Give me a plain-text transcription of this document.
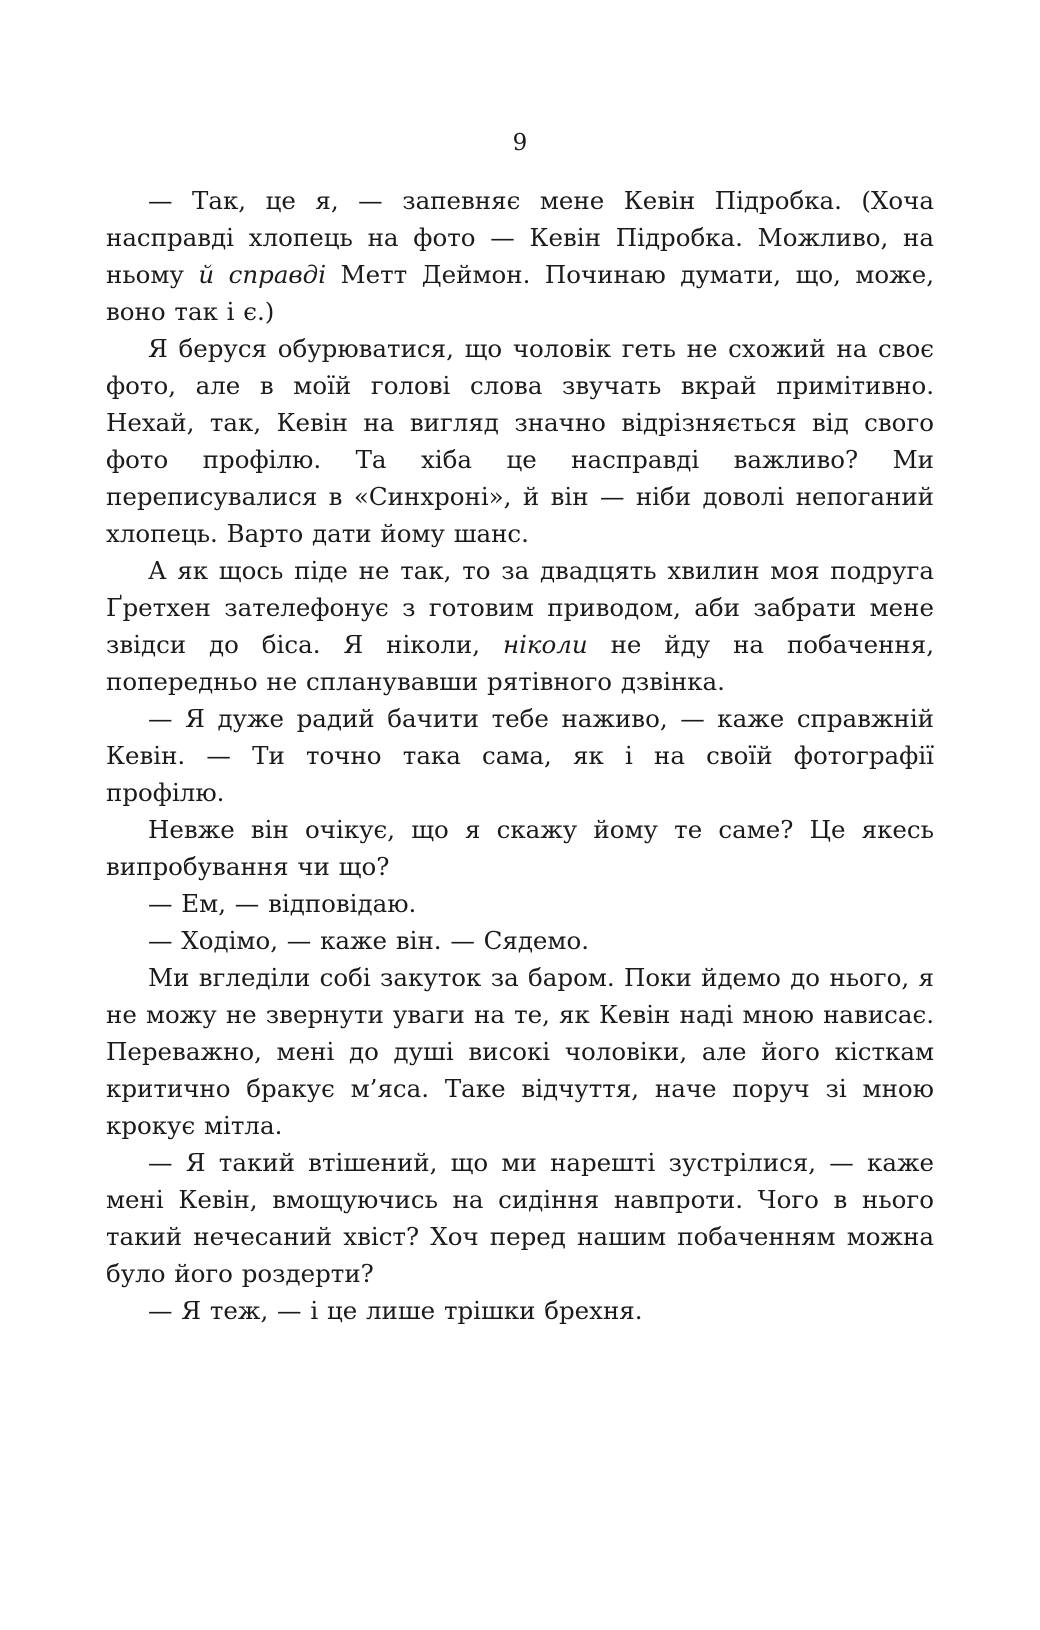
9

— Так, це я, — запевняє мене Кевін Підробка. (Хоча насправді хлопець на фото — Кевін Підробка. Можливо, на ньому й справді Метт Деймон. Починаю думати, що, може, воно так і є.)

Я беруся обурюватися, що чоловік геть не схожий на своє фото, але в моїй голові слова звучать вкрай примітивно. Нехай, так, Кевін на вигляд значно відрізняється від свого фото профілю. Та хіба це насправді важливо? Ми переписувалися в «Синхроні», й він — ніби доволі непоганий хлопець. Варто дати йому шанс.

А як щось піде не так, то за двадцять хвилин моя подруга Ґретхен зателефонує з готовим приводом, аби забрати мене звідси до біса. Я ніколи, ніколи не йду на побачення, попередньо не спланувавши рятівного дзвінка.

— Я дуже радий бачити тебе наживо, — каже справжній Кевін. — Ти точно така сама, як і на своїй фотографії профілю.

Невже він очікує, що я скажу йому те саме? Це якесь випробування чи що?

— Ем, — відповідаю.

— Ходімо, — каже він. — Сядемо.

Ми вгледіли собі закуток за баром. Поки йдемо до нього, я не можу не звернути уваги на те, як Кевін наді мною нависає. Переважно, мені до душі високі чоловіки, але його кісткам критично бракує м’яса. Таке відчуття, наче поруч зі мною крокує мітла.

— Я такий втішений, що ми нарешті зустрілися, — каже мені Кевін, вмощуючись на сидіння навпроти. Чого в нього такий нечесаний хвіст? Хоч перед нашим побаченням можна було його роздерти?

— Я теж, — і це лише трішки брехня.
